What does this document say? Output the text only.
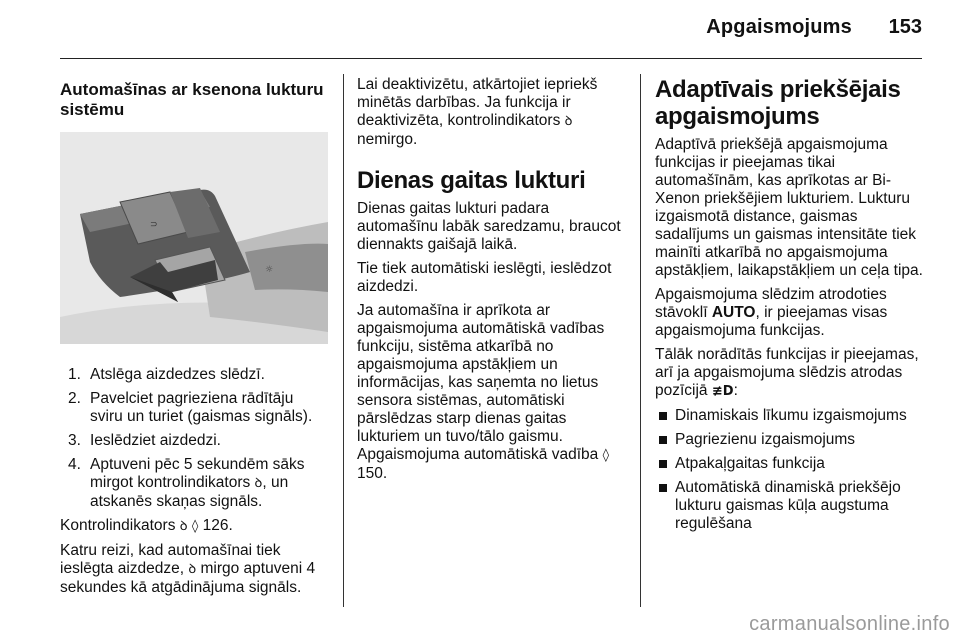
Apgaismojums 153
Automašīnas ar ksenona lukturu sistēmu
⊃
☼
1. Atslēga aizdedzes slēdzī.
2. Pavelciet pagrieziena rādītāju sviru un turiet (gaismas signāls).
3. Ieslēdziet aizdedzi.
4. Aptuveni pēc 5 sekundēm sāks mirgot kontrolindikators ꝺ, un atskanēs skaņas signāls.

Kontrolindikators ꝺ ◊ 126.

Katru reizi, kad automašīnai tiek ieslēgta aizdedze, ꝺ mirgo aptuveni 4 sekundes kā atgādinājuma signāls.

Lai deaktivizētu, atkārtojiet iepriekš minētās darbības. Ja funkcija ir deaktivizēta, kontrolindikators ꝺ nemirgo.

Dienas gaitas lukturi

Dienas gaitas lukturi padara automašīnu labāk saredzamu, braucot diennakts gaišajā laikā.

Tie tiek automātiski ieslēgti, ieslēdzot aizdedzi.

Ja automašīna ir aprīkota ar apgaismojuma automātiskā vadības funkciju, sistēma atkarībā no apgaismojuma apstākļiem un informācijas, kas saņemta no lietus sensora sistēmas, automātiski pārslēdzas starp dienas gaitas lukturiem un tuvo/tālo gaismu. Apgaismojuma automātiskā vadība ◊ 150.

Adaptīvais priekšējais apgaismojums

Adaptīvā priekšējā apgaismojuma funkcijas ir pieejamas tikai automašīnām, kas aprīkotas ar Bi-Xenon priekšējiem lukturiem. Lukturu izgaismotā distance, gaismas sadalījums un gaismas intensitāte tiek mainīti atkarībā no apgaismojuma apstākļiem, laikapstākļiem un ceļa tipa.

Apgaismojuma slēdzim atrodoties stāvoklī AUTO, ir pieejamas visas apgaismojuma funkcijas.

Tālāk norādītās funkcijas ir pieejamas, arī ja apgaismojuma slēdzis atrodas pozīcijā ≢D:

Dinamiskais līkumu izgaismojums
Pagriezienu izgaismojums
Atpakaļgaitas funkcija
Automātiskā dinamiskā priekšējo lukturu gaismas kūļa augstuma regulēšana
carmanualsonline.info
